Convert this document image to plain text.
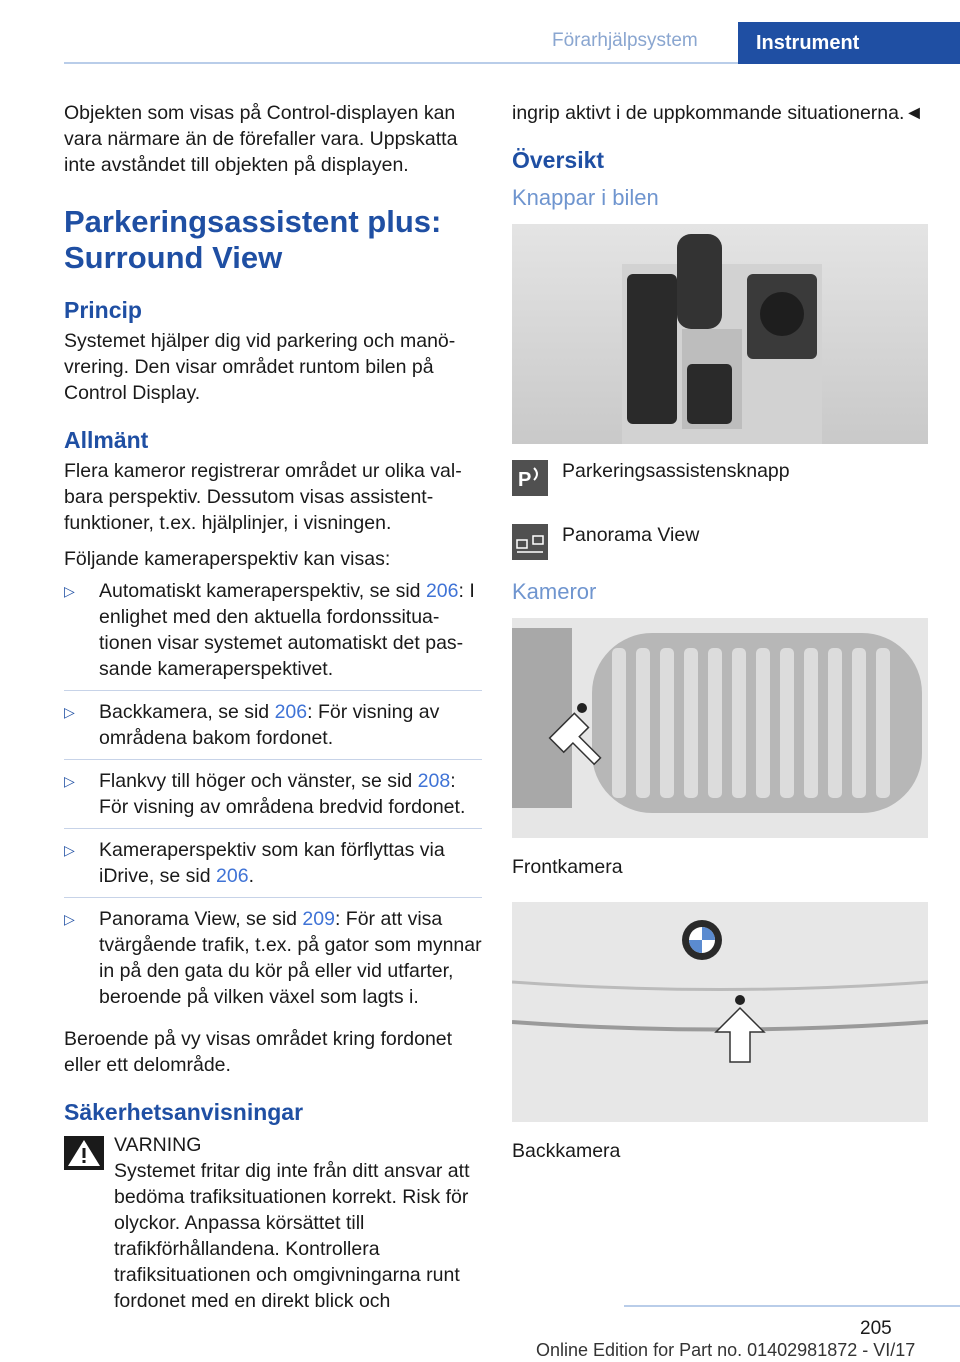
Förarhjälpsystem	Instrument

Objekten som visas på Control-displayen kan vara närmare än de förefaller vara. Uppskatta inte avståndet till objekten på displayen.

Parkeringsassistent plus: Surround View
Princip

Systemet hjälper dig vid parkering och manövrering. Den visar området runtom bilen på Control Display.

Allmänt

Flera kameror registrerar området ur olika valbara perspektiv. Dessutom visas assistentfunktioner, t.ex. hjälplinjer, i visningen.

Följande kameraperspektiv kan visas:

▷ Automatiskt kameraperspektiv, se sid 206: I enlighet med den aktuella fordonssituationen visar systemet automatiskt det passande kameraperspektivet.
▷ Backkamera, se sid 206: För visning av områdena bakom fordonet.
▷ Flankvy till höger och vänster, se sid 208: För visning av områdena bredvid fordonet.
▷ Kameraperspektiv som kan förflyttas via iDrive, se sid 206.
▷ Panorama View, se sid 209: För att visa tvärgående trafik, t.ex. på gator som mynnar in på den gata du kör på eller vid utfarter, beroende på vilken växel som lagts i.

Beroende på vy visas området kring fordonet eller ett delområde.

Säkerhetsanvisningar
VARNING
Systemet fritar dig inte från ditt ansvar att bedöma trafiksituationen korrekt. Risk för olyckor. Anpassa körsättet till trafikförhållandena. Kontrollera trafiksituationen och omgivningarna runt fordonet med en direkt blick och

ingrip aktivt i de uppkommande situationerna.◄

Översikt
Knappar i bilen
P Parkeringsassistensknapp
Panorama View
Kameror
Frontkamera
Backkamera
205
Online Edition for Part no. 01402981872 - VI/17
